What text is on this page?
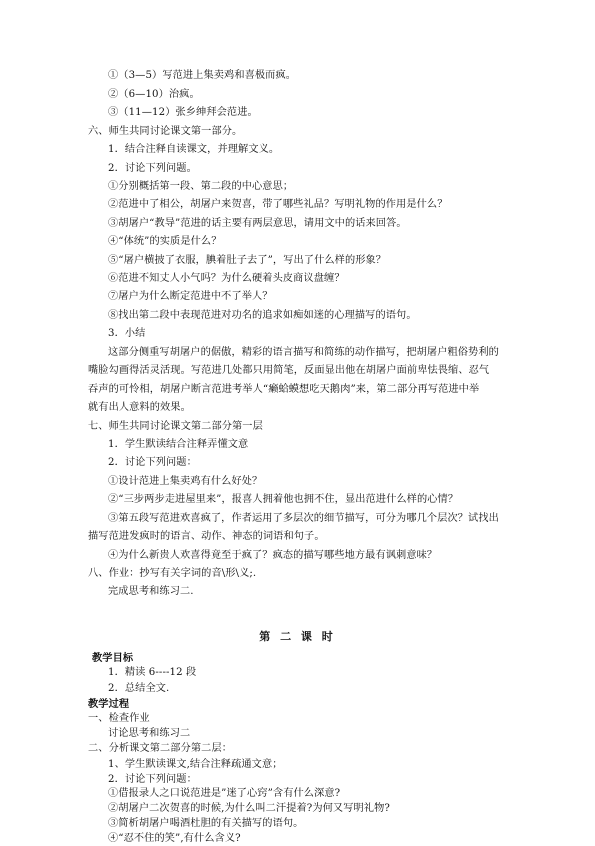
①（3—5）写范进上集卖鸡和喜极而疯。
②（6—10）治疯。
③（11—12）张乡绅拜会范进。
六、师生共同讨论课文第一部分。
1．结合注释自读课文，并理解文义。
2．讨论下列问题。
①分别概括第一段、第二段的中心意思；
②范进中了相公，胡屠户来贺喜，带了哪些礼品？写明礼物的作用是什么？
③胡屠户“教导”范进的话主要有两层意思，请用文中的话来回答。
④“体统”的实质是什么？
⑤“屠户横披了衣服，腆着肚子去了”，写出了什么样的形象？
⑥范进不知丈人小气吗？为什么硬着头皮商议盘缠？
⑦屠户为什么断定范进中不了举人？
⑧找出第二段中表现范进对功名的追求如痴如迷的心理描写的语句。
3．小结
这部分侧重写胡屠户的倨傲，精彩的语言描写和简练的动作描写，把胡屠户粗俗势利的
嘴脸勾画得活灵活现。写范进几处都只用简笔，反面显出他在胡屠户面前卑怯畏缩、忍气
吞声的可怜相，胡屠户断言范进考举人“癞蛤蟆想吃天鹅肉”来，第二部分再写范进中举
就有出人意料的效果。
七、师生共同讨论课文第二部分第一层
1．学生默读结合注释弄懂文意
2．讨论下列问题：
①设计范进上集卖鸡有什么好处？
②“三步两步走进屋里来”，报喜人拥着他也拥不住，显出范进什么样的心情？
③第五段写范进欢喜疯了，作者运用了多层次的细节描写，可分为哪几个层次？试找出
描写范进发疯时的语言、动作、神态的词语和句子。
④为什么新贵人欢喜得竟至于疯了？疯态的描写哪些地方最有讽刺意味？
八、作业：抄写有关字词的音\形\义;.
完成思考和练习二.
第 二 课 时
教学目标
1．精读 6----12 段
2．总结全文.
教学过程
一、检查作业
讨论思考和练习二
二、分析课文第二部分第二层：
1、学生默读课文,结合注释疏通文意；
2．讨论下列问题：
①借报录人之口说范进是”迷了心窍”含有什么深意?
②胡屠户二次贺喜的时候,为什么叫二汗提着?为何又写明礼物?
③简析胡屠户喝酒杜胆的有关描写的语句。
④“忍不住的笑”,有什么含义?
